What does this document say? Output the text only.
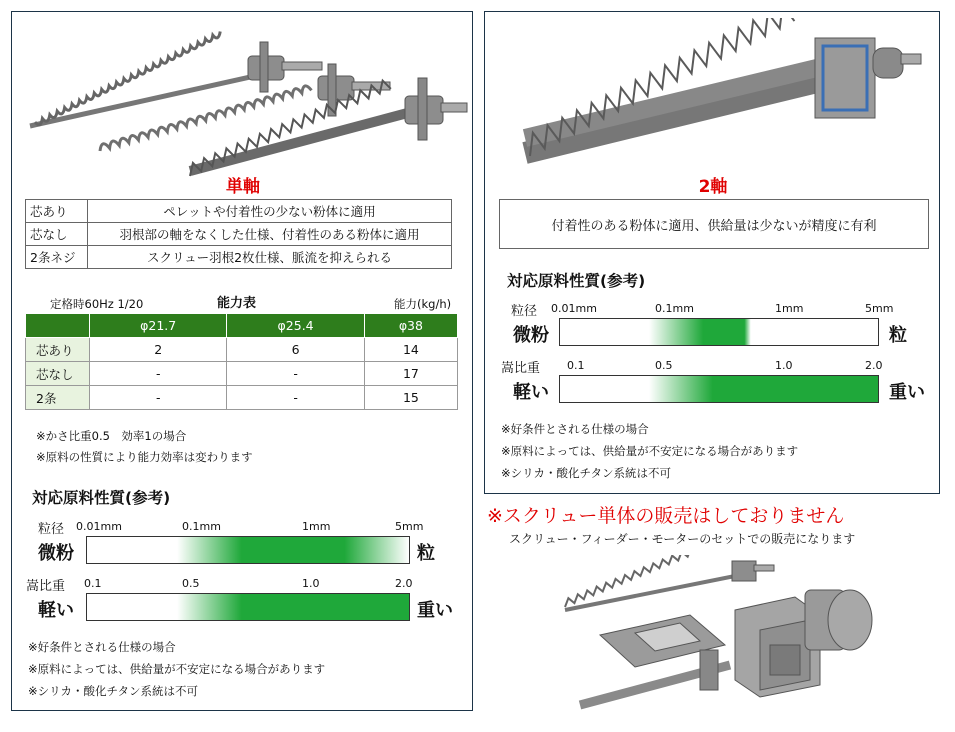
単軸
芯あり	ペレットや付着性の少ない粉体に適用
芯なし	羽根部の軸をなくした仕様、付着性のある粉体に適用
2条ネジ	スクリュー羽根2枚仕様、脈流を抑えられる
定格時60Hz 1/20	能力表	能力(kg/h)
	φ21.7	φ25.4	φ38
芯あり	2	6	14
芯なし	-	-	17
2条	-	-	15
※かさ比重0.5　効率1の場合
※原料の性質により能力効率は変わります
対応原料性質(参考)
粒径 0.01mm	0.1mm	1mm	5mm
微粉	粒
嵩比重 0.1	0.5	1.0	2.0
軽い	重い
※好条件とされる仕様の場合
※原料によっては、供給量が不安定になる場合があります
※シリカ・酸化チタン系統は不可
2軸
付着性のある粉体に適用、供給量は少ないが精度に有利
対応原料性質(参考)
粒径 0.01mm	0.1mm	1mm	5mm
微粉	粒
嵩比重 0.1	0.5	1.0	2.0
軽い	重い
※好条件とされる仕様の場合
※原料によっては、供給量が不安定になる場合があります
※シリカ・酸化チタン系統は不可
※スクリュー単体の販売はしておりません
スクリュー・フィーダー・モーターのセットでの販売になります
